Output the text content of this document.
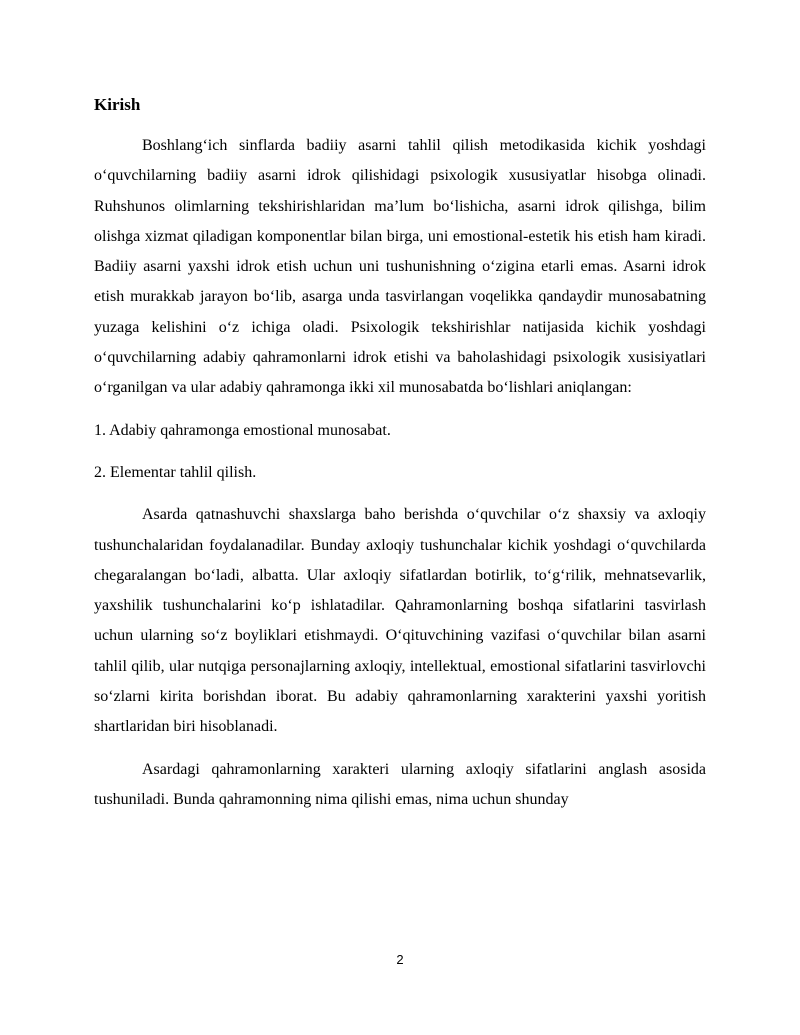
Kirish

Boshlang‘ich sinflarda badiiy asarni tahlil qilish metodikasida kichik yoshdagi o‘quvchilarning badiiy asarni idrok qilishidagi psixologik xususiyatlar hisobga olinadi. Ruhshunos olimlarning tekshirishlaridan ma’lum bo‘lishicha, asarni idrok qilishga, bilim olishga xizmat qiladigan komponentlar bilan birga, uni emostional-estetik his etish ham kiradi. Badiiy asarni yaxshi idrok etish uchun uni tushunishning o‘zigina etarli emas. Asarni idrok etish murakkab jarayon bo‘lib, asarga unda tasvirlangan voqelikka qandaydir munosabatning yuzaga kelishini o‘z ichiga oladi. Psixologik tekshirishlar natijasida kichik yoshdagi o‘quvchilarning adabiy qahramonlarni idrok etishi va baholashidagi psixologik xusisiyatlari o‘rganilgan va ular adabiy qahramonga ikki xil munosabatda bo‘lishlari aniqlangan:

1. Adabiy qahramonga emostional munosabat.

2. Elementar tahlil qilish.

Asarda qatnashuvchi shaxslarga baho berishda o‘quvchilar o‘z shaxsiy va axloqiy tushunchalaridan foydalanadilar. Bunday axloqiy tushunchalar kichik yoshdagi o‘quvchilarda chegaralangan bo‘ladi, albatta. Ular axloqiy sifatlardan botirlik, to‘g‘rilik, mehnatsevarlik, yaxshilik tushunchalarini ko‘p ishlatadilar. Qahramonlarning boshqa sifatlarini tasvirlash uchun ularning so‘z boyliklari etishmaydi. O‘qituvchining vazifasi o‘quvchilar bilan asarni tahlil qilib, ular nutqiga personajlarning axloqiy, intellektual, emostional sifatlarini tasvirlovchi so‘zlarni kirita borishdan iborat. Bu adabiy qahramonlarning xarakterini yaxshi yoritish shartlaridan biri hisoblanadi.

Asardagi qahramonlarning xarakteri ularning axloqiy sifatlarini anglash asosida tushuniladi. Bunda qahramonning nima qilishi emas, nima uchun shunday

2
